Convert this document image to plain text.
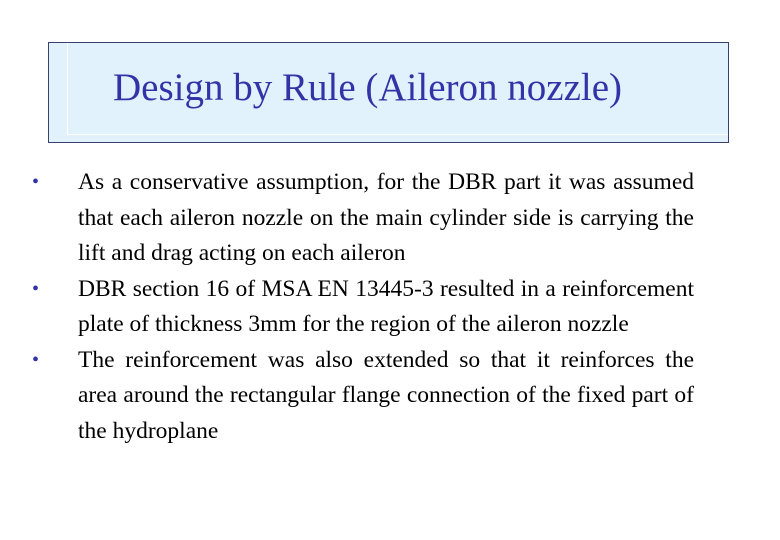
Design by Rule (Aileron nozzle)
• As a conservative assumption, for the DBR part it was assumed that each aileron nozzle on the main cylinder side is carrying the lift and drag acting on each aileron
• DBR section 16 of MSA EN 13445-3 resulted in a reinforcement plate of thickness 3mm for the region of the aileron nozzle
• The reinforcement was also extended so that it reinforces the area around the rectangular flange connection of the fixed part of the hydroplane
